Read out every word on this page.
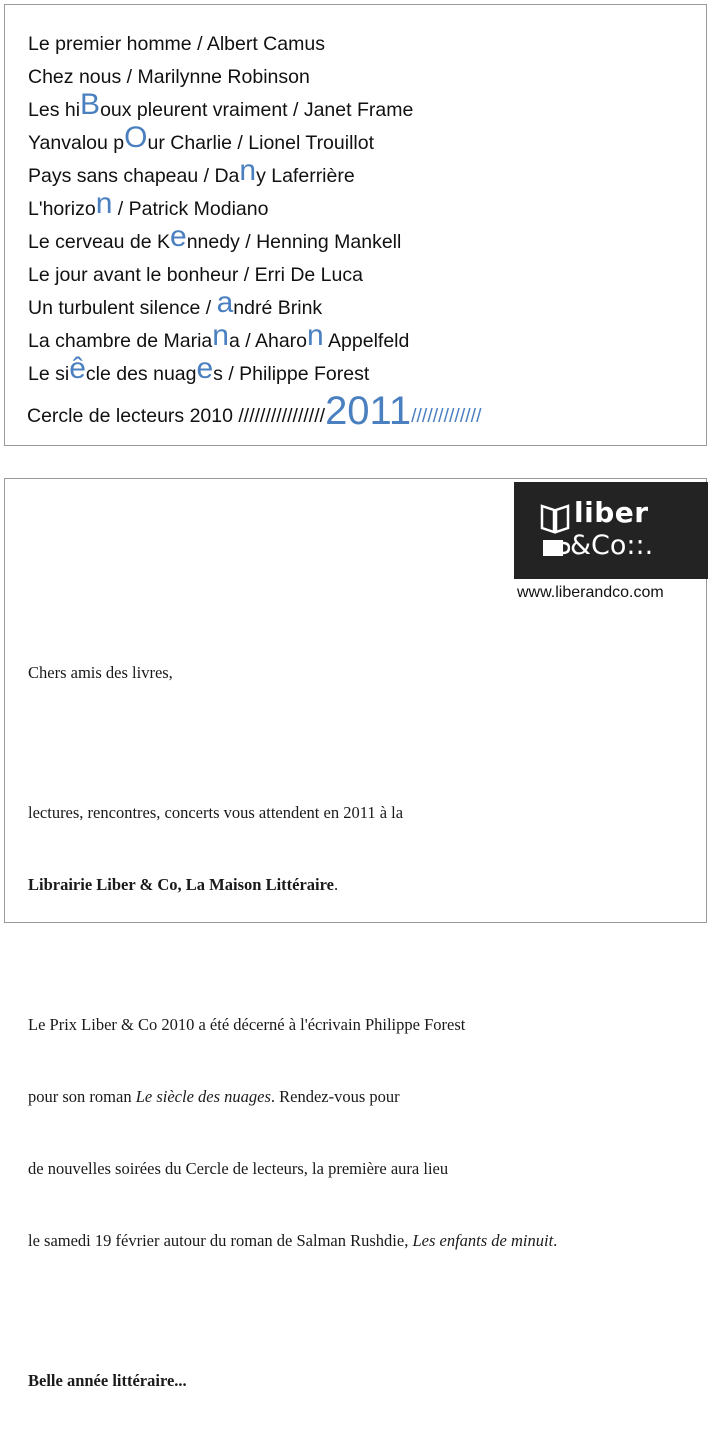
Le premier homme / Albert Camus
Chez nous / Marilynne Robinson
Les hiBoux pleurent vraiment / Janet Frame
Yanvalou pOur Charlie / Lionel Trouillot
Pays sans chapeau / Dany Laferrière
L'horizon / Patrick Modiano
Le cerveau de Kennedy / Henning Mankell
Le jour avant le bonheur / Erri De Luca
Un turbulent silence / andré Brink
La chambre de Mariana / Aharon Appelfeld
Le siêcle des nuages / Philippe Forest
Cercle de lecteurs 2010 ////////////////2011/////////////
liber
&Co::.
www.liberandco.com

Chers amis des livres,

lectures, rencontres, concerts vous attendent en 2011 à la

Librairie Liber & Co, La Maison Littéraire.

Le Prix Liber & Co 2010 a été décerné à l'écrivain Philippe Forest

pour son roman Le siècle des nuages. Rendez-vous pour

de nouvelles soirées du Cercle de lecteurs, la première aura lieu

le samedi 19 février autour du roman de Salman Rushdie, Les enfants de minuit.

Belle année littéraire...
